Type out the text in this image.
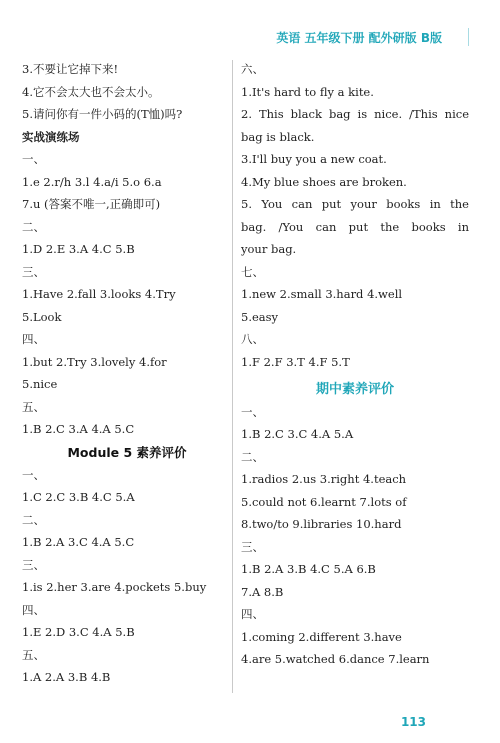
英语 五年级下册 配外研版 B版
3.不要让它掉下来!
4.它不会太大也不会太小。
5.请问你有一件小码的(T恤)吗?
实战演练场
一、
1.e 2.r/h 3.l 4.a/i 5.o 6.a
7.u (答案不唯一,正确即可)
二、
1.D 2.E 3.A 4.C 5.B
三、
1.Have 2.fall 3.looks 4.Try
5.Look
四、
1.but 2.Try 3.lovely 4.for
5.nice
五、
1.B 2.C 3.A 4.A 5.C
Module 5 素养评价
一、
1.C 2.C 3.B 4.C 5.A
二、
1.B 2.A 3.C 4.A 5.C
三、
1.is 2.her 3.are 4.pockets 5.buy
四、
1.E 2.D 3.C 4.A 5.B
五、
1.A 2.A 3.B 4.B
六、
1.It's hard to fly a kite.
2. This black bag is nice. /This nice
bag is black.
3.I'll buy you a new coat.
4.My blue shoes are broken.
5. You can put your books in the
bag. /You can put the books in
your bag.
七、
1.new 2.small 3.hard 4.well
5.easy
八、
1.F 2.F 3.T 4.F 5.T
期中素养评价
一、
1.B 2.C 3.C 4.A 5.A
二、
1.radios 2.us 3.right 4.teach
5.could not 6.learnt 7.lots of
8.two/to 9.libraries 10.hard
三、
1.B 2.A 3.B 4.C 5.A 6.B
7.A 8.B
四、
1.coming 2.different 3.have
4.are 5.watched 6.dance 7.learn
113
